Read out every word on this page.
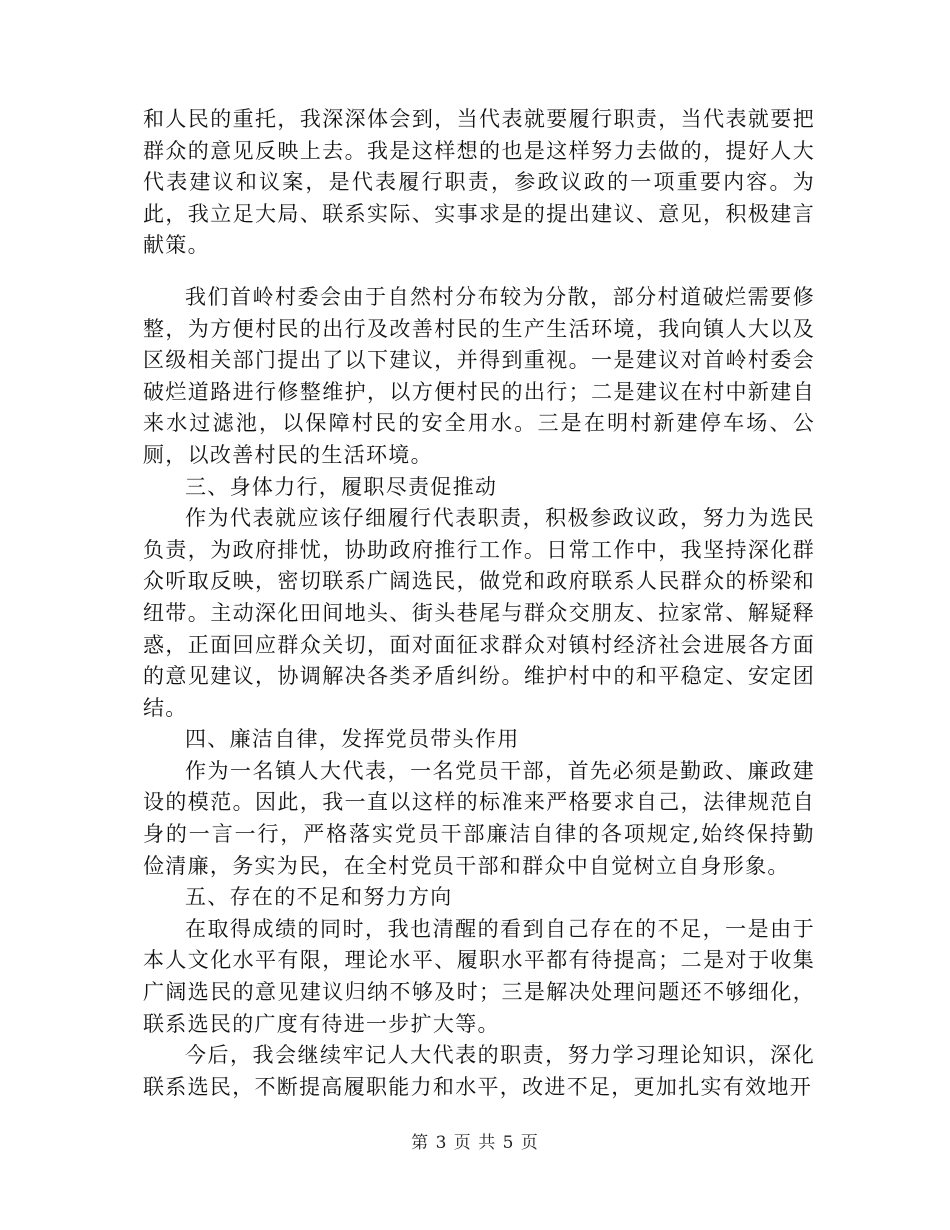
和人民的重托，我深深体会到，当代表就要履行职责，当代表就要把群众的意见反映上去。我是这样想的也是这样努力去做的，提好人大代表建议和议案，是代表履行职责，参政议政的一项重要内容。为此，我立足大局、联系实际、实事求是的提出建议、意见，积极建言献策。

我们首岭村委会由于自然村分布较为分散，部分村道破烂需要修整，为方便村民的出行及改善村民的生产生活环境，我向镇人大以及区级相关部门提出了以下建议，并得到重视。一是建议对首岭村委会破烂道路进行修整维护，以方便村民的出行；二是建议在村中新建自来水过滤池，以保障村民的安全用水。三是在明村新建停车场、公厕，以改善村民的生活环境。

三、身体力行，履职尽责促推动

作为代表就应该仔细履行代表职责，积极参政议政，努力为选民负责，为政府排忧，协助政府推行工作。日常工作中，我坚持深化群众听取反映，密切联系广阔选民，做党和政府联系人民群众的桥梁和纽带。主动深化田间地头、街头巷尾与群众交朋友、拉家常、解疑释惑，正面回应群众关切，面对面征求群众对镇村经济社会进展各方面的意见建议，协调解决各类矛盾纠纷。维护村中的和平稳定、安定团结。

四、廉洁自律，发挥党员带头作用

作为一名镇人大代表，一名党员干部，首先必须是勤政、廉政建设的模范。因此，我一直以这样的标准来严格要求自己，法律规范自身的一言一行，严格落实党员干部廉洁自律的各项规定,始终保持勤俭清廉，务实为民，在全村党员干部和群众中自觉树立自身形象。

五、存在的不足和努力方向

在取得成绩的同时，我也清醒的看到自己存在的不足，一是由于本人文化水平有限，理论水平、履职水平都有待提高；二是对于收集广阔选民的意见建议归纳不够及时；三是解决处理问题还不够细化，联系选民的广度有待进一步扩大等。

今后，我会继续牢记人大代表的职责，努力学习理论知识，深化联系选民，不断提高履职能力和水平，改进不足，更加扎实有效地开

第 3 页 共 5 页
